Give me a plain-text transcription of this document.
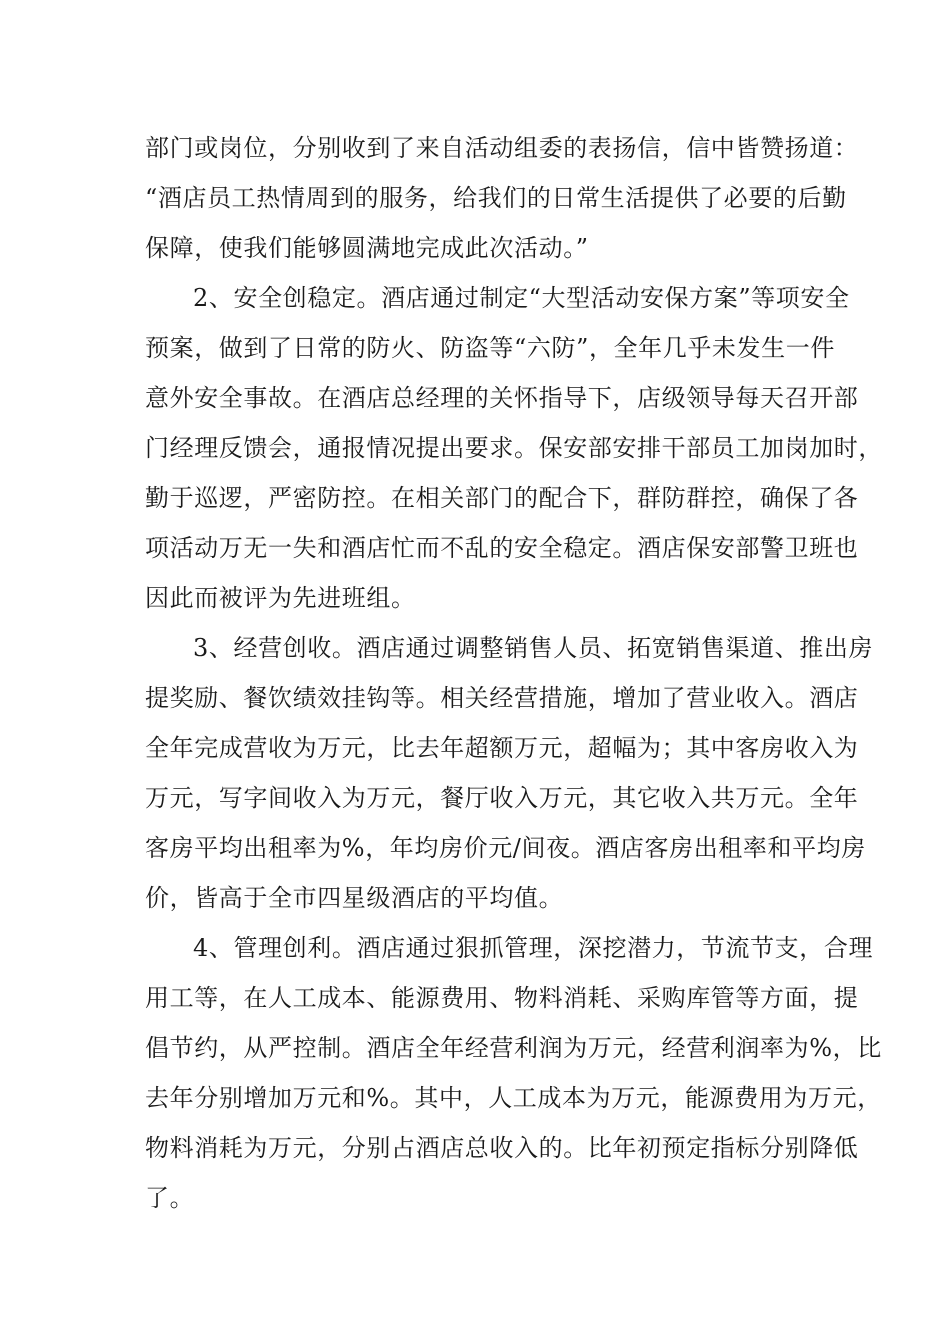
部门或岗位，分别收到了来自活动组委的表扬信，信中皆赞扬道：

“酒店员工热情周到的服务，给我们的日常生活提供了必要的后勤

保障，使我们能够圆满地完成此次活动。”

2、安全创稳定。酒店通过制定“大型活动安保方案”等项安全

预案，做到了日常的防火、防盗等“六防”，全年几乎未发生一件

意外安全事故。在酒店总经理的关怀指导下，店级领导每天召开部

门经理反馈会，通报情况提出要求。保安部安排干部员工加岗加时，

勤于巡逻，严密防控。在相关部门的配合下，群防群控，确保了各

项活动万无一失和酒店忙而不乱的安全稳定。酒店保安部警卫班也

因此而被评为先进班组。

3、经营创收。酒店通过调整销售人员、拓宽销售渠道、推出房

提奖励、餐饮绩效挂钩等。相关经营措施，增加了营业收入。酒店

全年完成营收为万元，比去年超额万元，超幅为；其中客房收入为

万元，写字间收入为万元，餐厅收入万元，其它收入共万元。全年

客房平均出租率为%，年均房价元/间夜。酒店客房出租率和平均房

价，皆高于全市四星级酒店的平均值。

4、管理创利。酒店通过狠抓管理，深挖潜力，节流节支，合理

用工等，在人工成本、能源费用、物料消耗、采购库管等方面，提

倡节约，从严控制。酒店全年经营利润为万元，经营利润率为%，比

去年分别增加万元和%。其中，人工成本为万元，能源费用为万元，

物料消耗为万元，分别占酒店总收入的。比年初预定指标分别降低

了。
